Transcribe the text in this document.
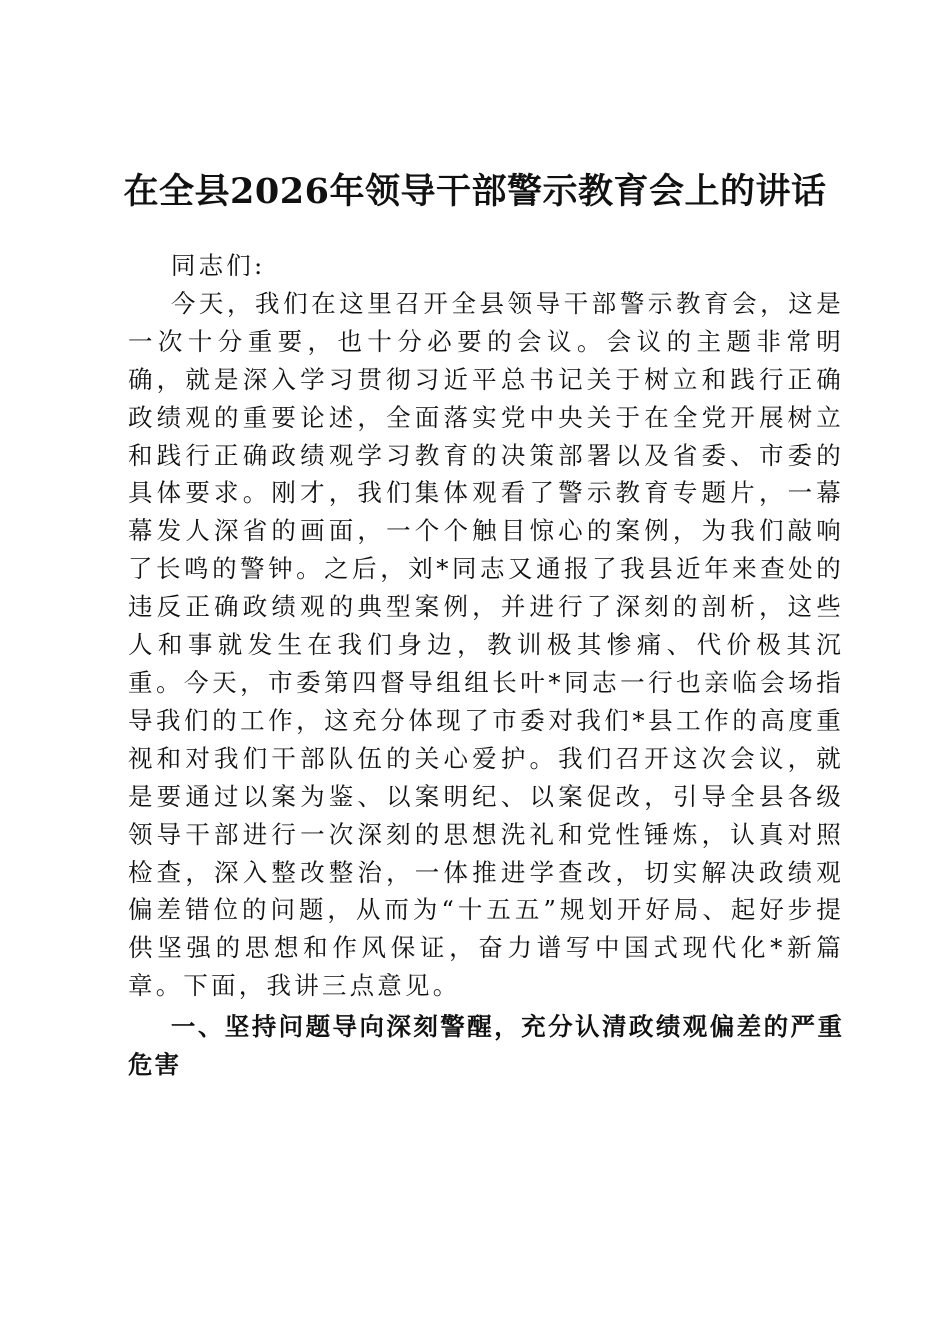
在全县2026年领导干部警示教育会上的讲话

同志们:

今天，我们在这里召开全县领导干部警示教育会，这是一次十分重要，也十分必要的会议。会议的主题非常明确，就是深入学习贯彻习近平总书记关于树立和践行正确政绩观的重要论述，全面落实党中央关于在全党开展树立和践行正确政绩观学习教育的决策部署以及省委、市委的具体要求。刚才，我们集体观看了警示教育专题片，一幕幕发人深省的画面，一个个触目惊心的案例，为我们敲响了长鸣的警钟。之后，刘*同志又通报了我县近年来查处的违反正确政绩观的典型案例，并进行了深刻的剖析，这些人和事就发生在我们身边，教训极其惨痛、代价极其沉重。今天，市委第四督导组组长叶*同志一行也亲临会场指导我们的工作，这充分体现了市委对我们*县工作的高度重视和对我们干部队伍的关心爱护。我们召开这次会议，就是要通过以案为鉴、以案明纪、以案促改，引导全县各级领导干部进行一次深刻的思想洗礼和党性锤炼，认真对照检查，深入整改整治，一体推进学查改，切实解决政绩观偏差错位的问题，从而为“十五五”规划开好局、起好步提供坚强的思想和作风保证，奋力谱写中国式现代化*新篇章。下面，我讲三点意见。

一、坚持问题导向深刻警醒，充分认清政绩观偏差的严重危害
